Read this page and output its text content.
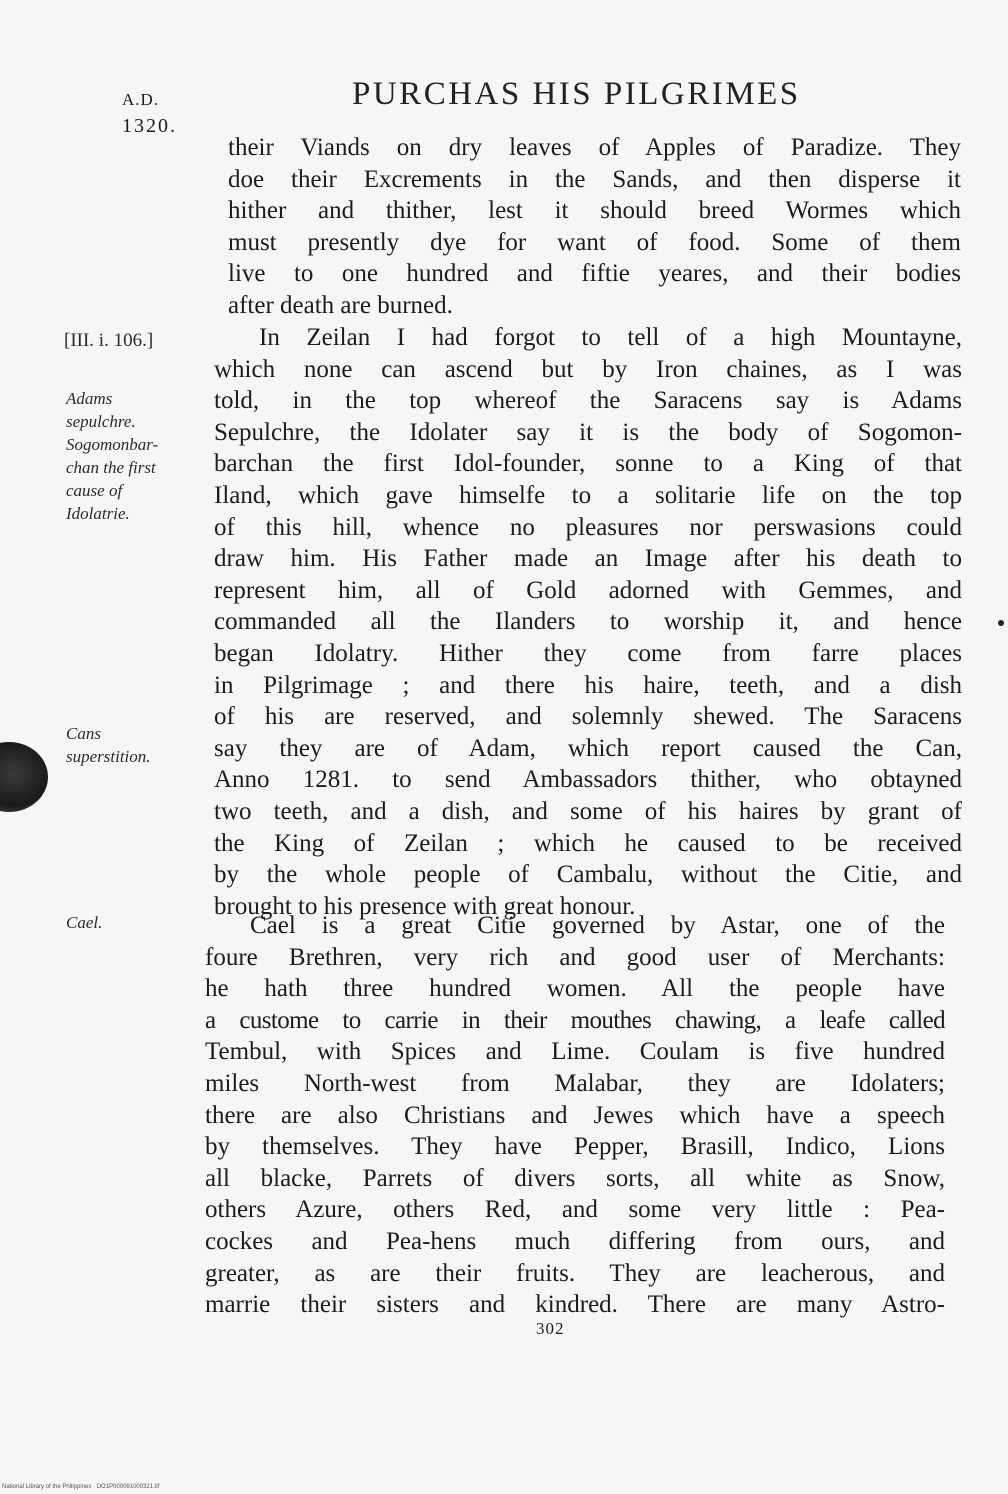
A.D.
1320.
PURCHAS HIS PILGRIMES
[III. i. 106.]
Adams
sepulchre.
Sogomonbar-
chan the first
cause of
Idolatrie.
Cans
superstition.
Cael.
their Viands on dry leaves of Apples of Paradize. They
doe their Excrements in the Sands, and then disperse it
hither and thither, lest it should breed Wormes which
must presently dye for want of food. Some of them
live to one hundred and fiftie yeares, and their bodies
after death are burned.
In Zeilan I had forgot to tell of a high Mountayne,
which none can ascend but by Iron chaines, as I was
told, in the top whereof the Saracens say is Adams
Sepulchre, the Idolater say it is the body of Sogomon-
barchan the first Idol-founder, sonne to a King of that
Iland, which gave himselfe to a solitarie life on the top
of this hill, whence no pleasures nor perswasions could
draw him. His Father made an Image after his death to
represent him, all of Gold adorned with Gemmes, and
commanded all the Ilanders to worship it, and hence
began Idolatry. Hither they come from farre places
in Pilgrimage ; and there his haire, teeth, and a dish
of his are reserved, and solemnly shewed. The Saracens
say they are of Adam, which report caused the Can,
Anno 1281. to send Ambassadors thither, who obtayned
two teeth, and a dish, and some of his haires by grant of
the King of Zeilan ; which he caused to be received
by the whole people of Cambalu, without the Citie, and
brought to his presence with great honour.
Cael is a great Citie governed by Astar, one of the
foure Brethren, very rich and good user of Merchants:
he hath three hundred women. All the people have
a custome to carrie in their mouthes chawing, a leafe called
Tembul, with Spices and Lime. Coulam is five hundred
miles North-west from Malabar, they are Idolaters;
there are also Christians and Jewes which have a speech
by themselves. They have Pepper, Brasill, Indico, Lions
all blacke, Parrets of divers sorts, all white as Snow,
others Azure, others Red, and some very little : Pea-
cockes and Pea-hens much differing from ours, and
greater, as are their fruits. They are leacherous, and
marrie their sisters and kindred. There are many Astro-
302
National Library of the Philippines · DO1P000091000321.tif
